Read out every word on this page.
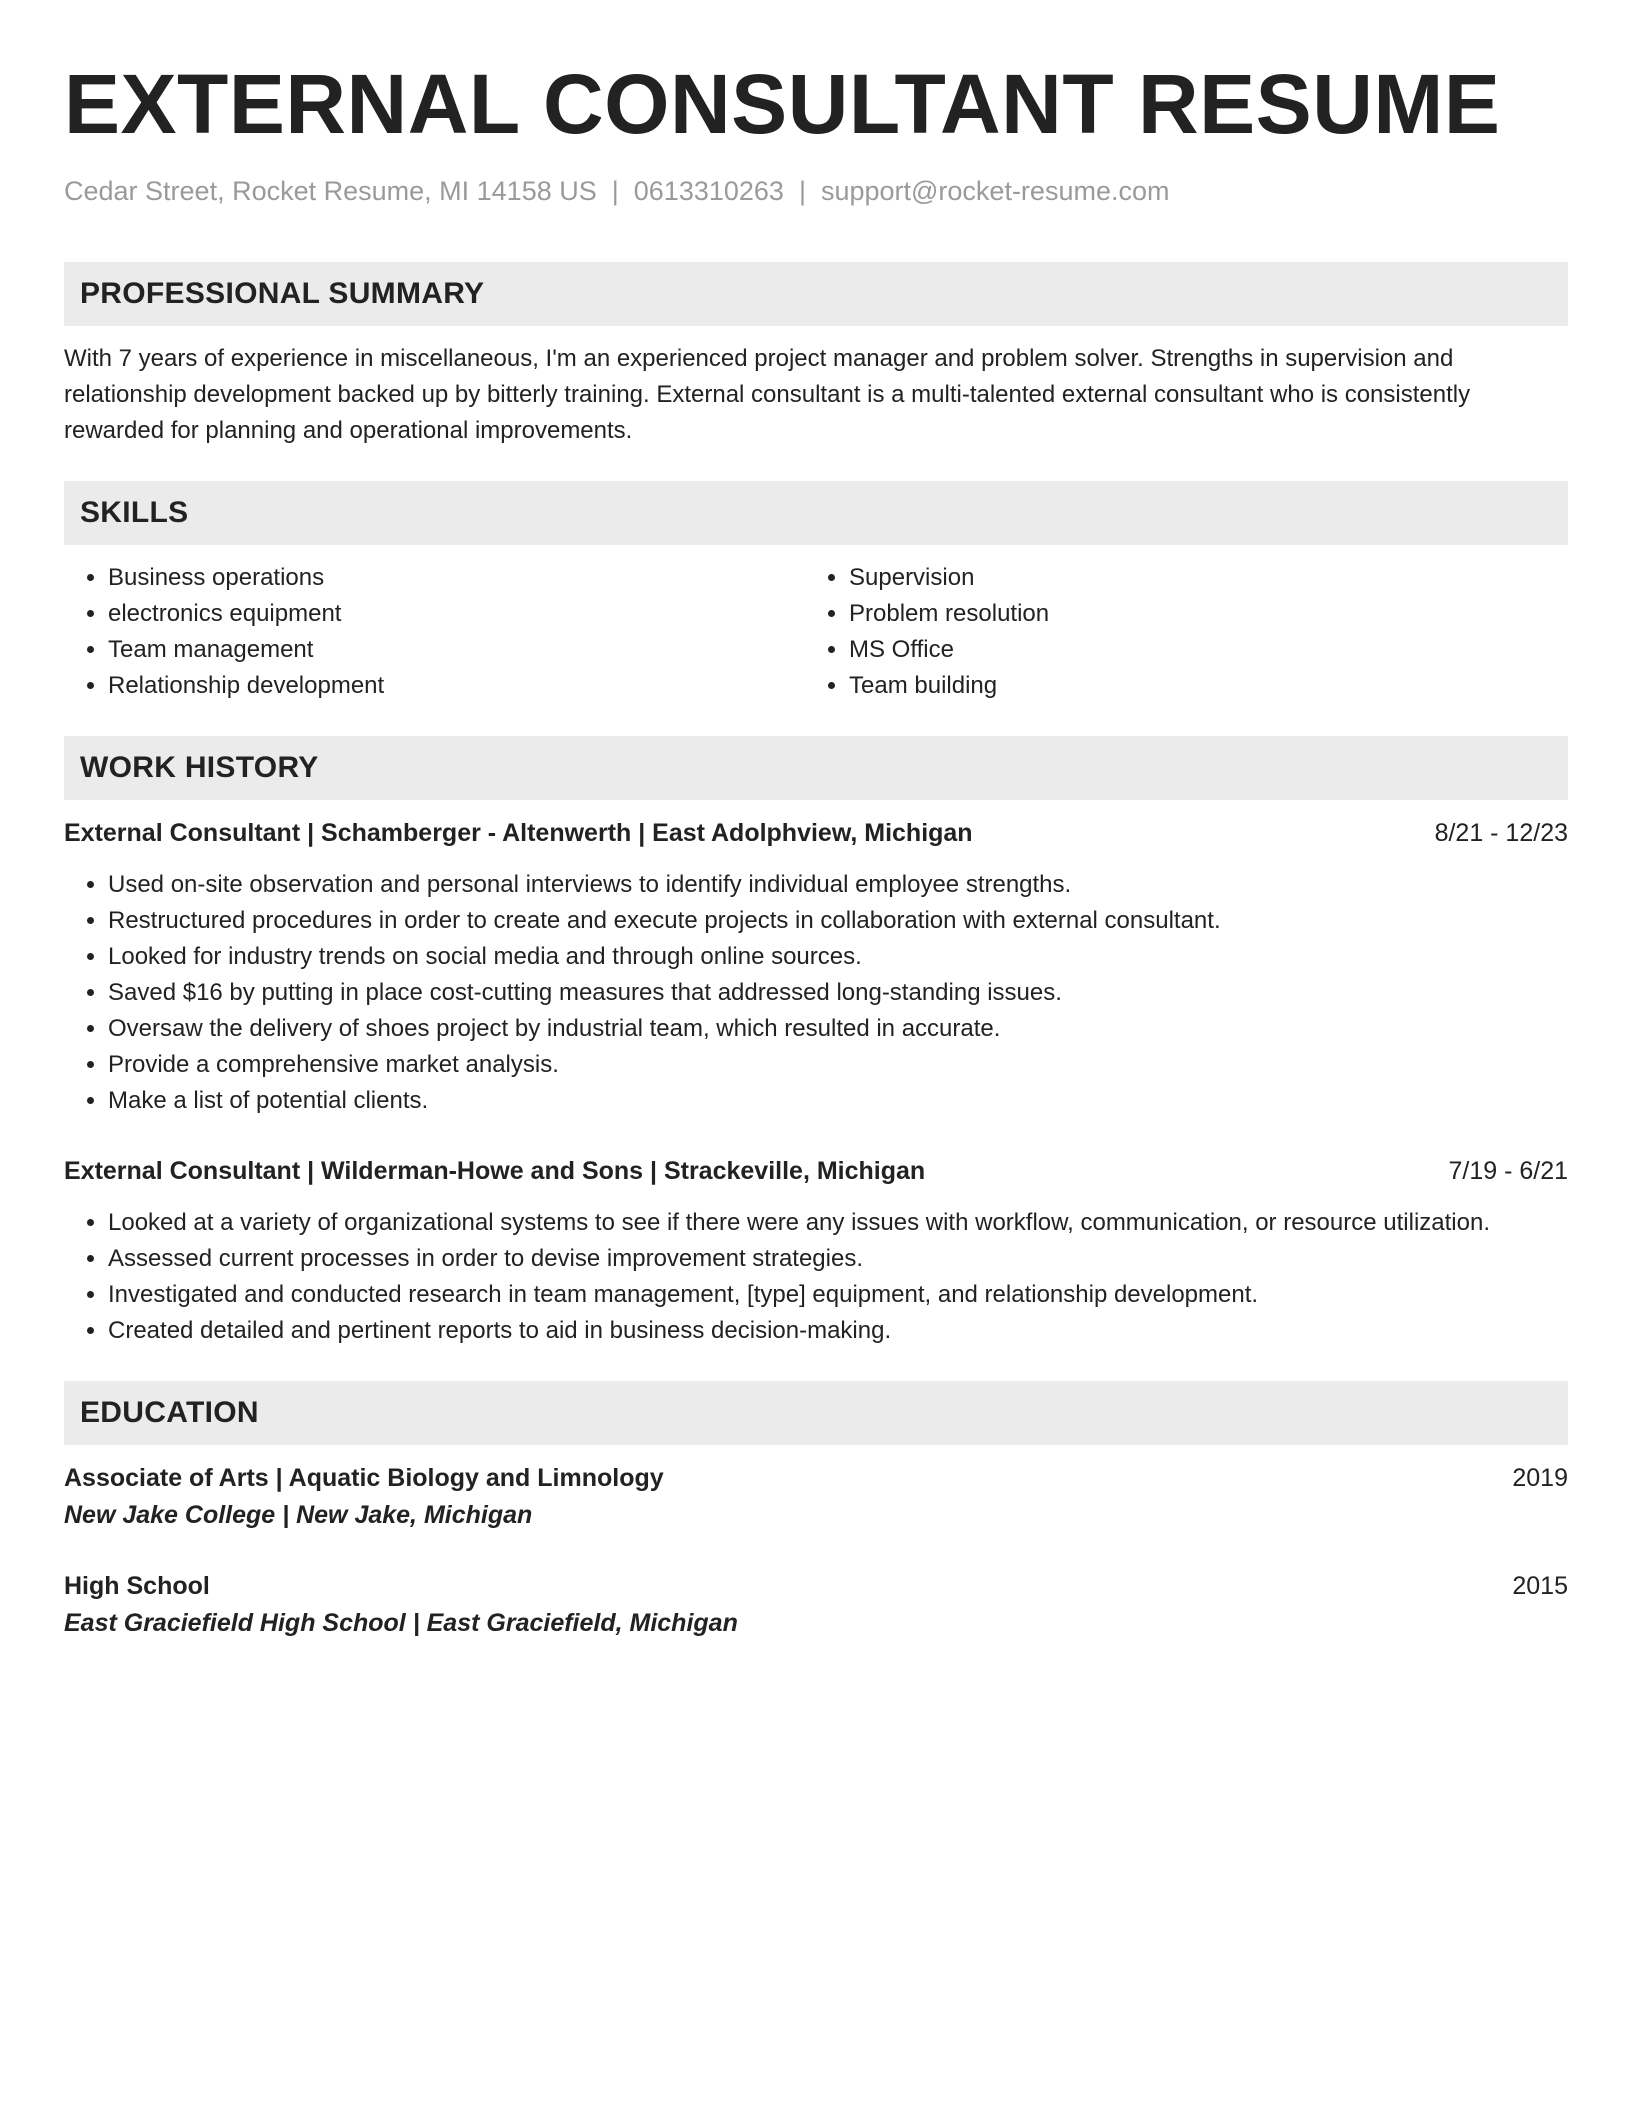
EXTERNAL CONSULTANT RESUME
Cedar Street, Rocket Resume, MI 14158 US | 0613310263 | support@rocket-resume.com
PROFESSIONAL SUMMARY

With 7 years of experience in miscellaneous, I'm an experienced project manager and problem solver. Strengths in supervision and relationship development backed up by bitterly training. External consultant is a multi-talented external consultant who is consistently rewarded for planning and operational improvements.

SKILLS
• Business operations
• electronics equipment
• Team management
• Relationship development
• Supervision
• Problem resolution
• MS Office
• Team building
WORK HISTORY
External Consultant | Schamberger - Altenwerth | East Adolphview, Michigan	8/21 - 12/23
• Used on-site observation and personal interviews to identify individual employee strengths.
• Restructured procedures in order to create and execute projects in collaboration with external consultant.
• Looked for industry trends on social media and through online sources.
• Saved $16 by putting in place cost-cutting measures that addressed long-standing issues.
• Oversaw the delivery of shoes project by industrial team, which resulted in accurate.
• Provide a comprehensive market analysis.
• Make a list of potential clients.
External Consultant | Wilderman-Howe and Sons | Strackeville, Michigan	7/19 - 6/21
• Looked at a variety of organizational systems to see if there were any issues with workflow, communication, or resource utilization.
• Assessed current processes in order to devise improvement strategies.
• Investigated and conducted research in team management, [type] equipment, and relationship development.
• Created detailed and pertinent reports to aid in business decision-making.
EDUCATION
Associate of Arts | Aquatic Biology and Limnology	2019
New Jake College | New Jake, Michigan
High School	2015
East Graciefield High School | East Graciefield, Michigan
